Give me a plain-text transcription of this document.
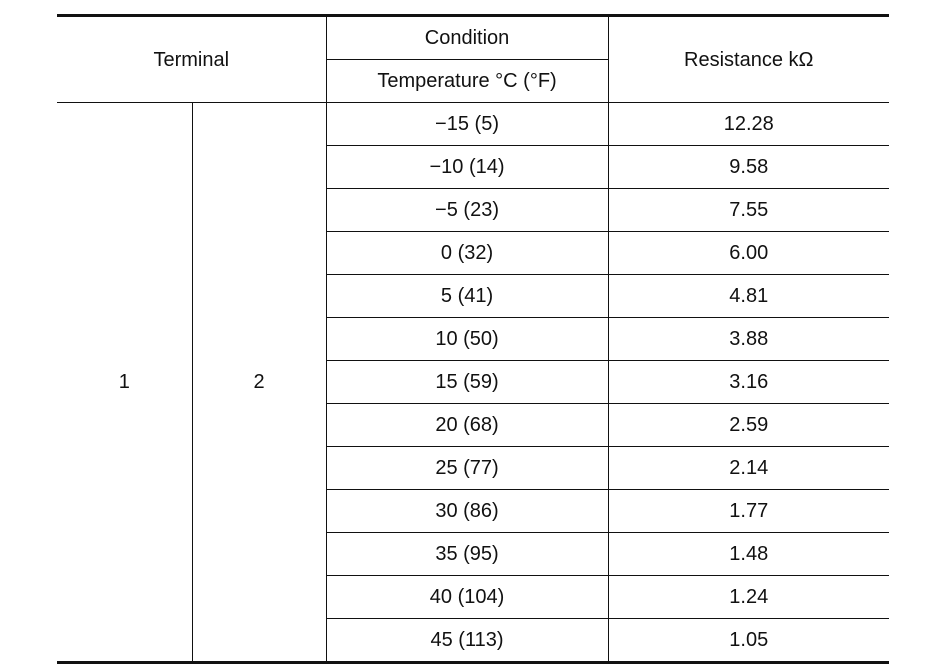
Terminal		Condition	Resistance kΩ
		Temperature °C (°F)	
1	2	−15 (5)	12.28
		−10 (14)	9.58
		−5 (23)	7.55
		0 (32)	6.00
		5 (41)	4.81
		10 (50)	3.88
		15 (59)	3.16
		20 (68)	2.59
		25 (77)	2.14
		30 (86)	1.77
		35 (95)	1.48
		40 (104)	1.24
		45 (113)	1.05
